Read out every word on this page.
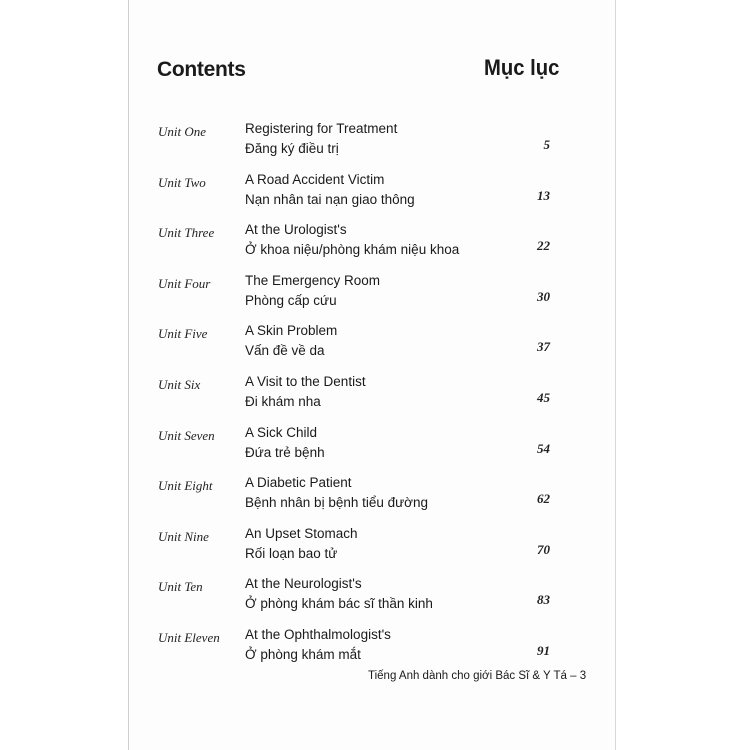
Contents	Mục lục
Unit One	Registering for Treatment
Đăng ký điều trị	5
Unit Two	A Road Accident Victim
Nạn nhân tai nạn giao thông	13
Unit Three At the Urologist's
Ở khoa niệu/phòng khám niệu khoa	22
Unit Four	The Emergency Room
Phòng cấp cứu	30
Unit Five	A Skin Problem
Vấn đề về da	37
Unit Six	A Visit to the Dentist
Đi khám nha	45
Unit Seven A Sick Child
Đứa trẻ bệnh	54
Unit Eight A Diabetic Patient
Bệnh nhân bị bệnh tiểu đường	62
Unit Nine	An Upset Stomach
Rối loạn bao tử	70
Unit Ten	At the Neurologist's
Ở phòng khám bác sĩ thần kinh	83
Unit Eleven At the Ophthalmologist's
Ở phòng khám mắt	91
Tiếng Anh dành cho giới Bác Sĩ & Y Tá – 3
